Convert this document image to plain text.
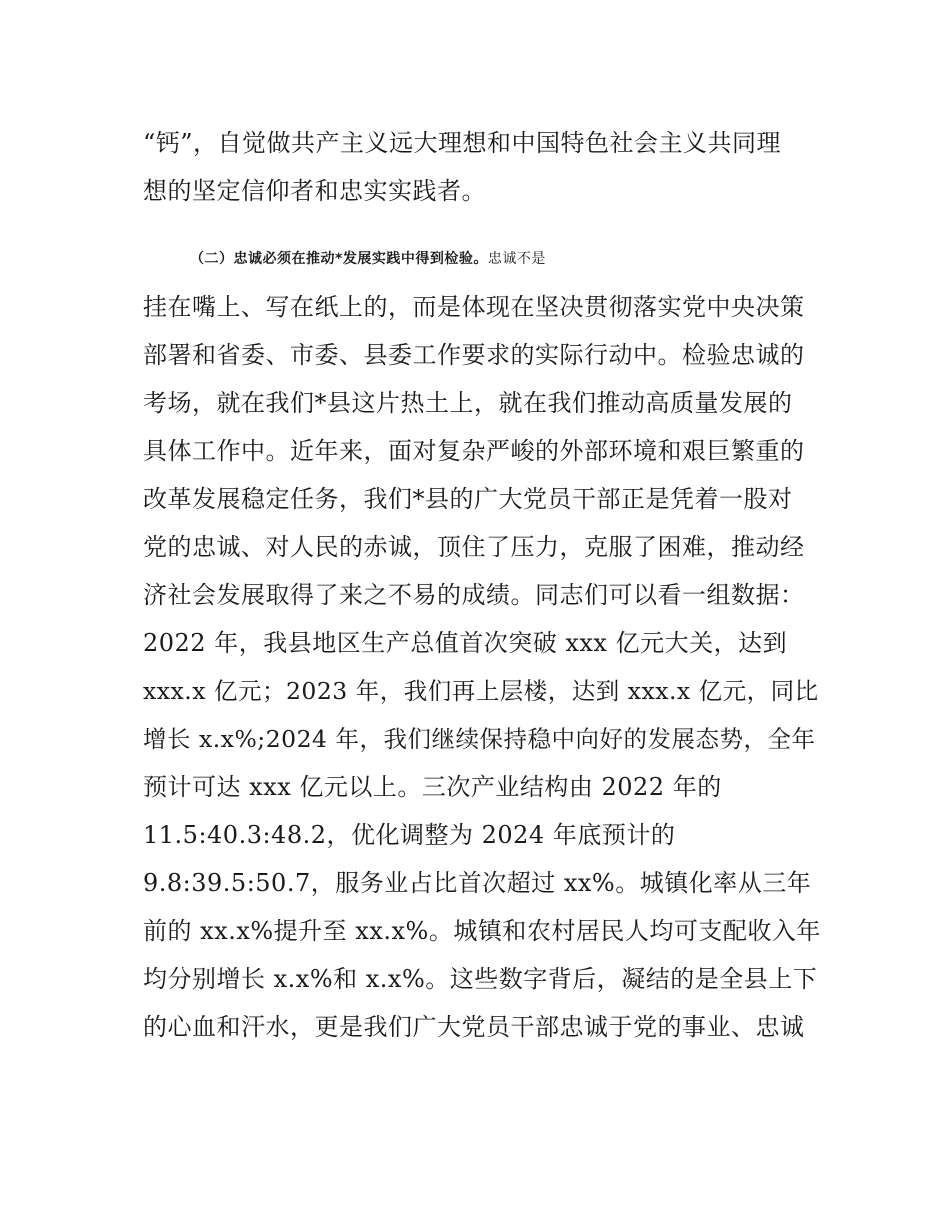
“钙”，自觉做共产主义远大理想和中国特色社会主义共同理
想的坚定信仰者和忠实实践者。
（二）忠诚必须在推动*发展实践中得到检验。忠诚不是
挂在嘴上、写在纸上的，而是体现在坚决贯彻落实党中央决策
部署和省委、市委、县委工作要求的实际行动中。检验忠诚的
考场，就在我们*县这片热土上，就在我们推动高质量发展的
具体工作中。近年来，面对复杂严峻的外部环境和艰巨繁重的
改革发展稳定任务，我们*县的广大党员干部正是凭着一股对
党的忠诚、对人民的赤诚，顶住了压力，克服了困难，推动经
济社会发展取得了来之不易的成绩。同志们可以看一组数据：
2022 年，我县地区生产总值首次突破 xxx 亿元大关，达到
xxx.x 亿元；2023 年，我们再上层楼，达到 xxx.x 亿元，同比
增长 x.x%;2024 年，我们继续保持稳中向好的发展态势，全年
预计可达 xxx 亿元以上。三次产业结构由 2022 年的
11.5:40.3:48.2，优化调整为 2024 年底预计的
9.8:39.5:50.7，服务业占比首次超过 xx%。城镇化率从三年
前的 xx.x%提升至 xx.x%。城镇和农村居民人均可支配收入年
均分别增长 x.x%和 x.x%。这些数字背后，凝结的是全县上下
的心血和汗水，更是我们广大党员干部忠诚于党的事业、忠诚
